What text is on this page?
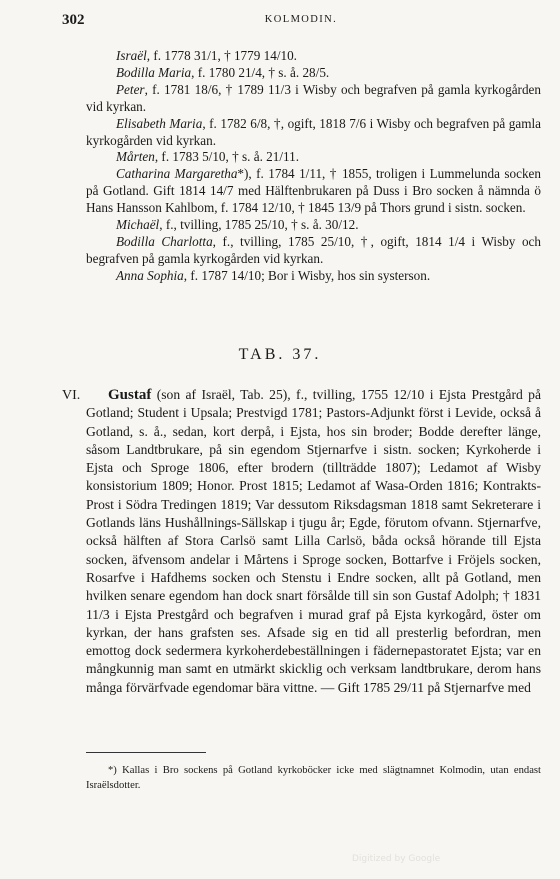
302	KOLMODIN.

Israël, f. 1778 31/1, † 1779 14/10.

Bodilla Maria, f. 1780 21/4, † s. å. 28/5.

Peter, f. 1781 18/6, † 1789 11/3 i Wisby och begrafven på gamla kyrkogården vid kyrkan.

Elisabeth Maria, f. 1782 6/8, †, ogift, 1818 7/6 i Wisby och begrafven på gamla kyrkogården vid kyrkan.

Mårten, f. 1783 5/10, † s. å. 21/11.

Catharina Margaretha*), f. 1784 1/11, † 1855, troligen i Lummelunda socken på Gotland. Gift 1814 14/7 med Hälftenbrukaren på Duss i Bro socken å nämnda ö Hans Hansson Kahlbom, f. 1784 12/10, † 1845 13/9 på Thors grund i sistn. socken.

Michaël, f., tvilling, 1785 25/10, † s. å. 30/12.

Bodilla Charlotta, f., tvilling, 1785 25/10, †, ogift, 1814 1/4 i Wisby och begrafven på gamla kyrkogården vid kyrkan.

Anna Sophia, f. 1787 14/10; Bor i Wisby, hos sin systerson.

TAB. 37.
VI.	Gustaf (son af Israël, Tab. 25), f., tvilling, 1755 12/10 i Ejsta Prestgård på Gotland; Student i Upsala; Prestvigd 1781; Pastors-Adjunkt först i Levide, också å Gotland, s. å., sedan, kort derpå, i Ejsta, hos sin broder; Bodde derefter länge, såsom Landtbrukare, på sin egendom Stjernarfve i sistn. socken; Kyrkoherde i Ejsta och Sproge 1806, efter brodern (tillträdde 1807); Ledamot af Wisby konsistorium 1809; Honor. Prost 1815; Ledamot af Wasa-Orden 1816; Kontrakts-Prost i Södra Tredingen 1819; Var dessutom Riksdagsman 1818 samt Sekreterare i Gotlands läns Hushållnings-Sällskap i tjugu år; Egde, förutom ofvann. Stjernarfve, också hälften af Stora Carlsö samt Lilla Carlsö, båda också hörande till Ejsta socken, äfvensom andelar i Mårtens i Sproge socken, Bottarfve i Fröjels socken, Rosarfve i Hafdhems socken och Stenstu i Endre socken, allt på Gotland, men hvilken senare egendom han dock snart försålde till sin son Gustaf Adolph; † 1831 11/3 i Ejsta Prestgård och begrafven i murad graf på Ejsta kyrkogård, öster om kyrkan, der hans grafsten ses. Afsade sig en tid all presterlig befordran, men emottog dock sedermera kyrkoherdebeställningen i fädernepastoratet Ejsta; var en mångkunnig man samt en utmärkt skicklig och verksam landtbrukare, derom hans många förvärfvade egendomar bära vittne. — Gift 1785 29/11 på Stjernarfve med

*) Kallas i Bro sockens på Gotland kyrkoböcker icke med slägtnamnet Kolmodin, utan endast Israëlsdotter.

Digitized by Google
